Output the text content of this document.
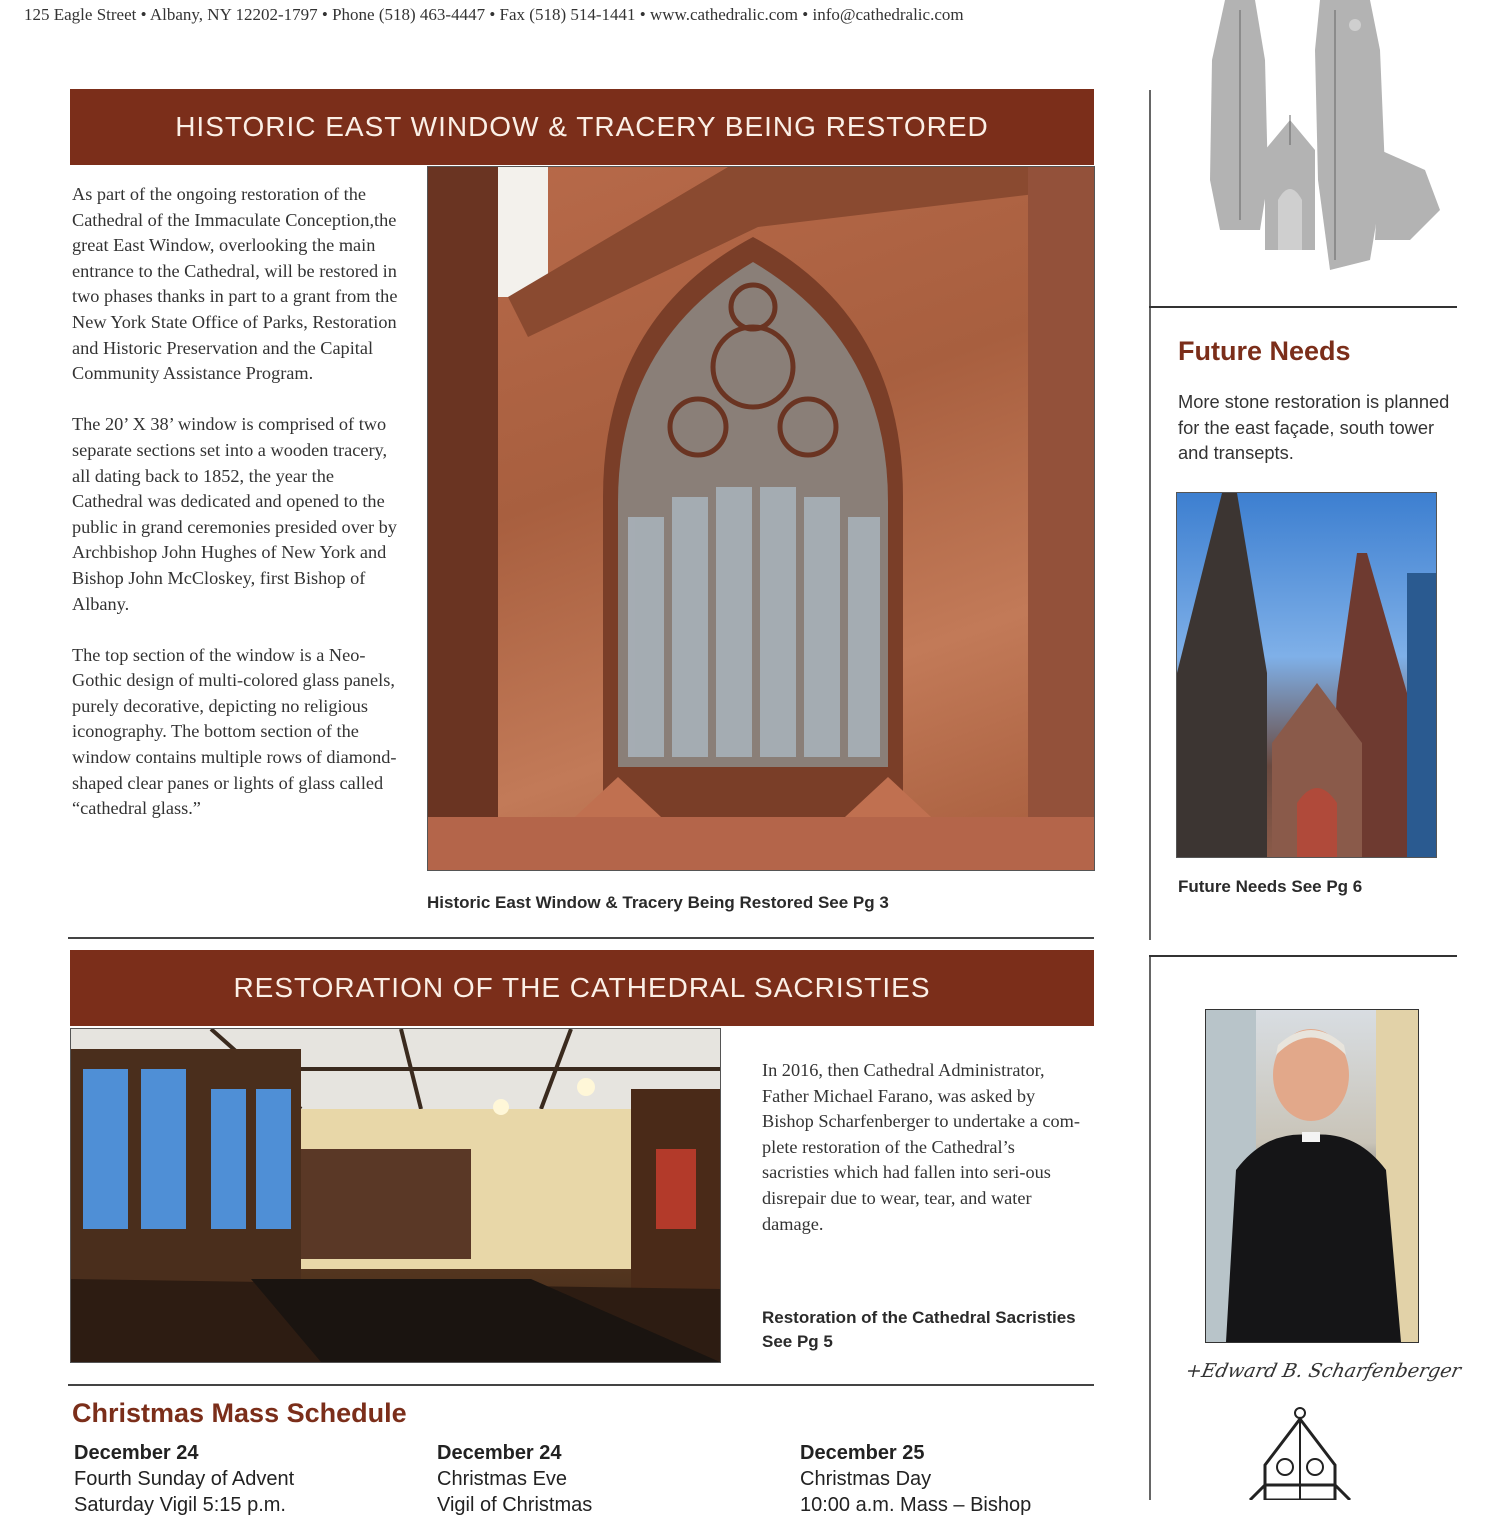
125 Eagle Street • Albany, NY 12202-1797 • Phone (518) 463-4447 • Fax (518) 514-1441 • www.cathedralic.com • info@cathedralic.com
HISTORIC EAST WINDOW & TRACERY BEING RESTORED

As part of the ongoing restoration of the Cathedral of the Immaculate Conception,the great East Window, overlooking the main entrance to the Cathedral, will be restored in two phases thanks in part to a grant from the New York State Office of Parks, Restoration and Historic Preservation and the Capital Community Assistance Program.

The 20’ X 38’ window is comprised of two separate sections set into a wooden tracery, all dating back to 1852, the year the Cathedral was dedicated and opened to the public in grand ceremonies presided over by Archbishop John Hughes of New York and Bishop John McCloskey, first Bishop of Albany.

The top section of the window is a Neo-Gothic design of multi-colored glass panels, purely decorative, depicting no religious iconography. The bottom section of the window contains multiple rows of diamond-shaped clear panes or lights of glass called “cathedral glass.”

Historic East Window & Tracery Being Restored See Pg 3
RESTORATION OF THE CATHEDRAL SACRISTIES
In 2016, then Cathedral Administrator, Father Michael Farano, was asked by Bishop Scharfenberger to undertake a com-plete restoration of the Cathedral’s sacristies which had fallen into seri-ous disrepair due to wear, tear, and water damage.
Restoration of the Cathedral Sacristies See Pg 5
Christmas Mass Schedule
December 24
Fourth Sunday of Advent
Saturday Vigil 5:15 p.m.
December 24
Christmas Eve
Vigil of Christmas
December 25
Christmas Day
10:00 a.m. Mass – Bishop
Future Needs
More stone restoration is planned for the east façade, south tower and transepts.
Future Needs See Pg 6
+Edward B. Scharfenberger
